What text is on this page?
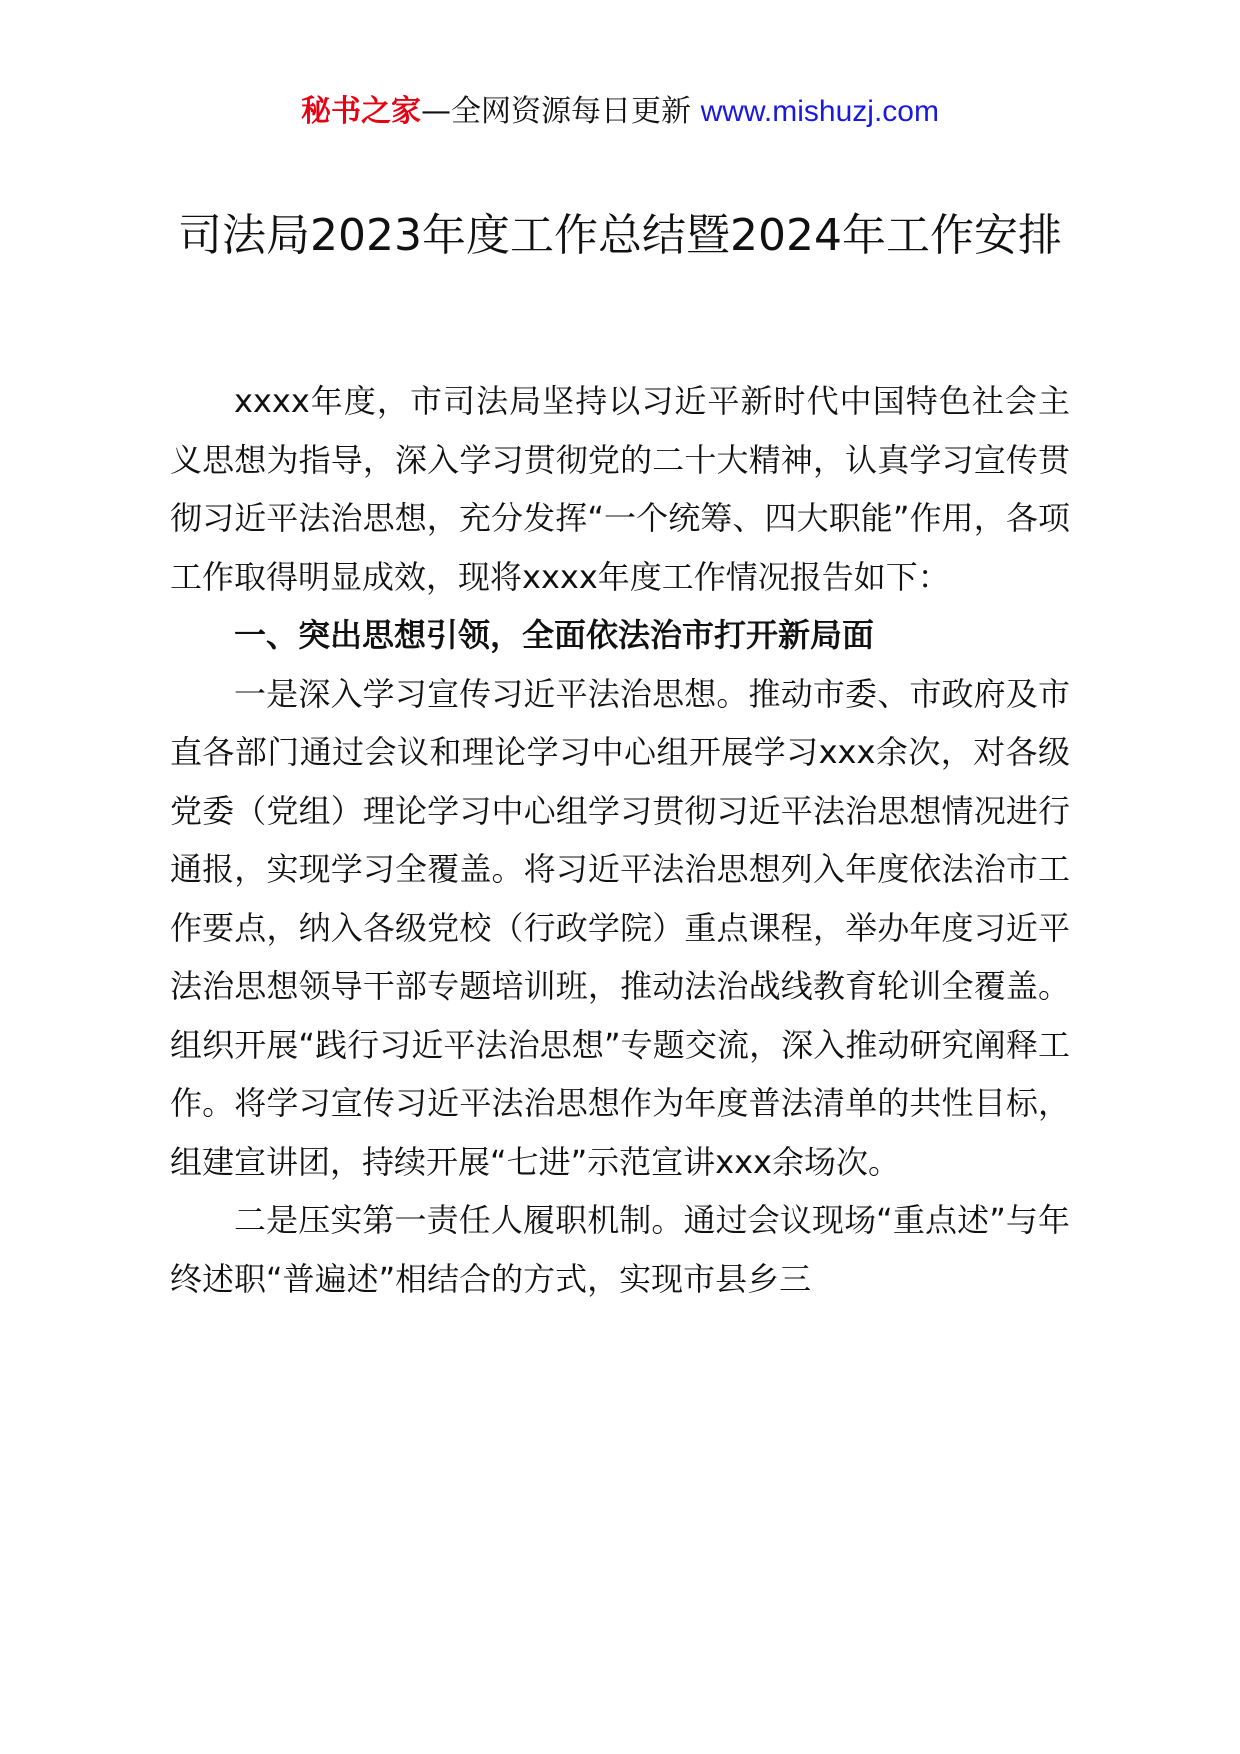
秘书之家—全网资源每日更新 www.mishuzj.com
司法局2023年度工作总结暨2024年工作安排

xxxx年度，市司法局坚持以习近平新时代中国特色社会主义思想为指导，深入学习贯彻党的二十大精神，认真学习宣传贯彻习近平法治思想，充分发挥“一个统筹、四大职能”作用，各项工作取得明显成效，现将xxxx年度工作情况报告如下：

一、突出思想引领，全面依法治市打开新局面

一是深入学习宣传习近平法治思想。推动市委、市政府及市直各部门通过会议和理论学习中心组开展学习xxx余次，对各级党委（党组）理论学习中心组学习贯彻习近平法治思想情况进行通报，实现学习全覆盖。将习近平法治思想列入年度依法治市工作要点，纳入各级党校（行政学院）重点课程，举办年度习近平法治思想领导干部专题培训班，推动法治战线教育轮训全覆盖。组织开展“践行习近平法治思想”专题交流，深入推动研究阐释工作。将学习宣传习近平法治思想作为年度普法清单的共性目标，组建宣讲团，持续开展“七进”示范宣讲xxx余场次。

二是压实第一责任人履职机制。通过会议现场“重点述”与年终述职“普遍述”相结合的方式，实现市县乡三
